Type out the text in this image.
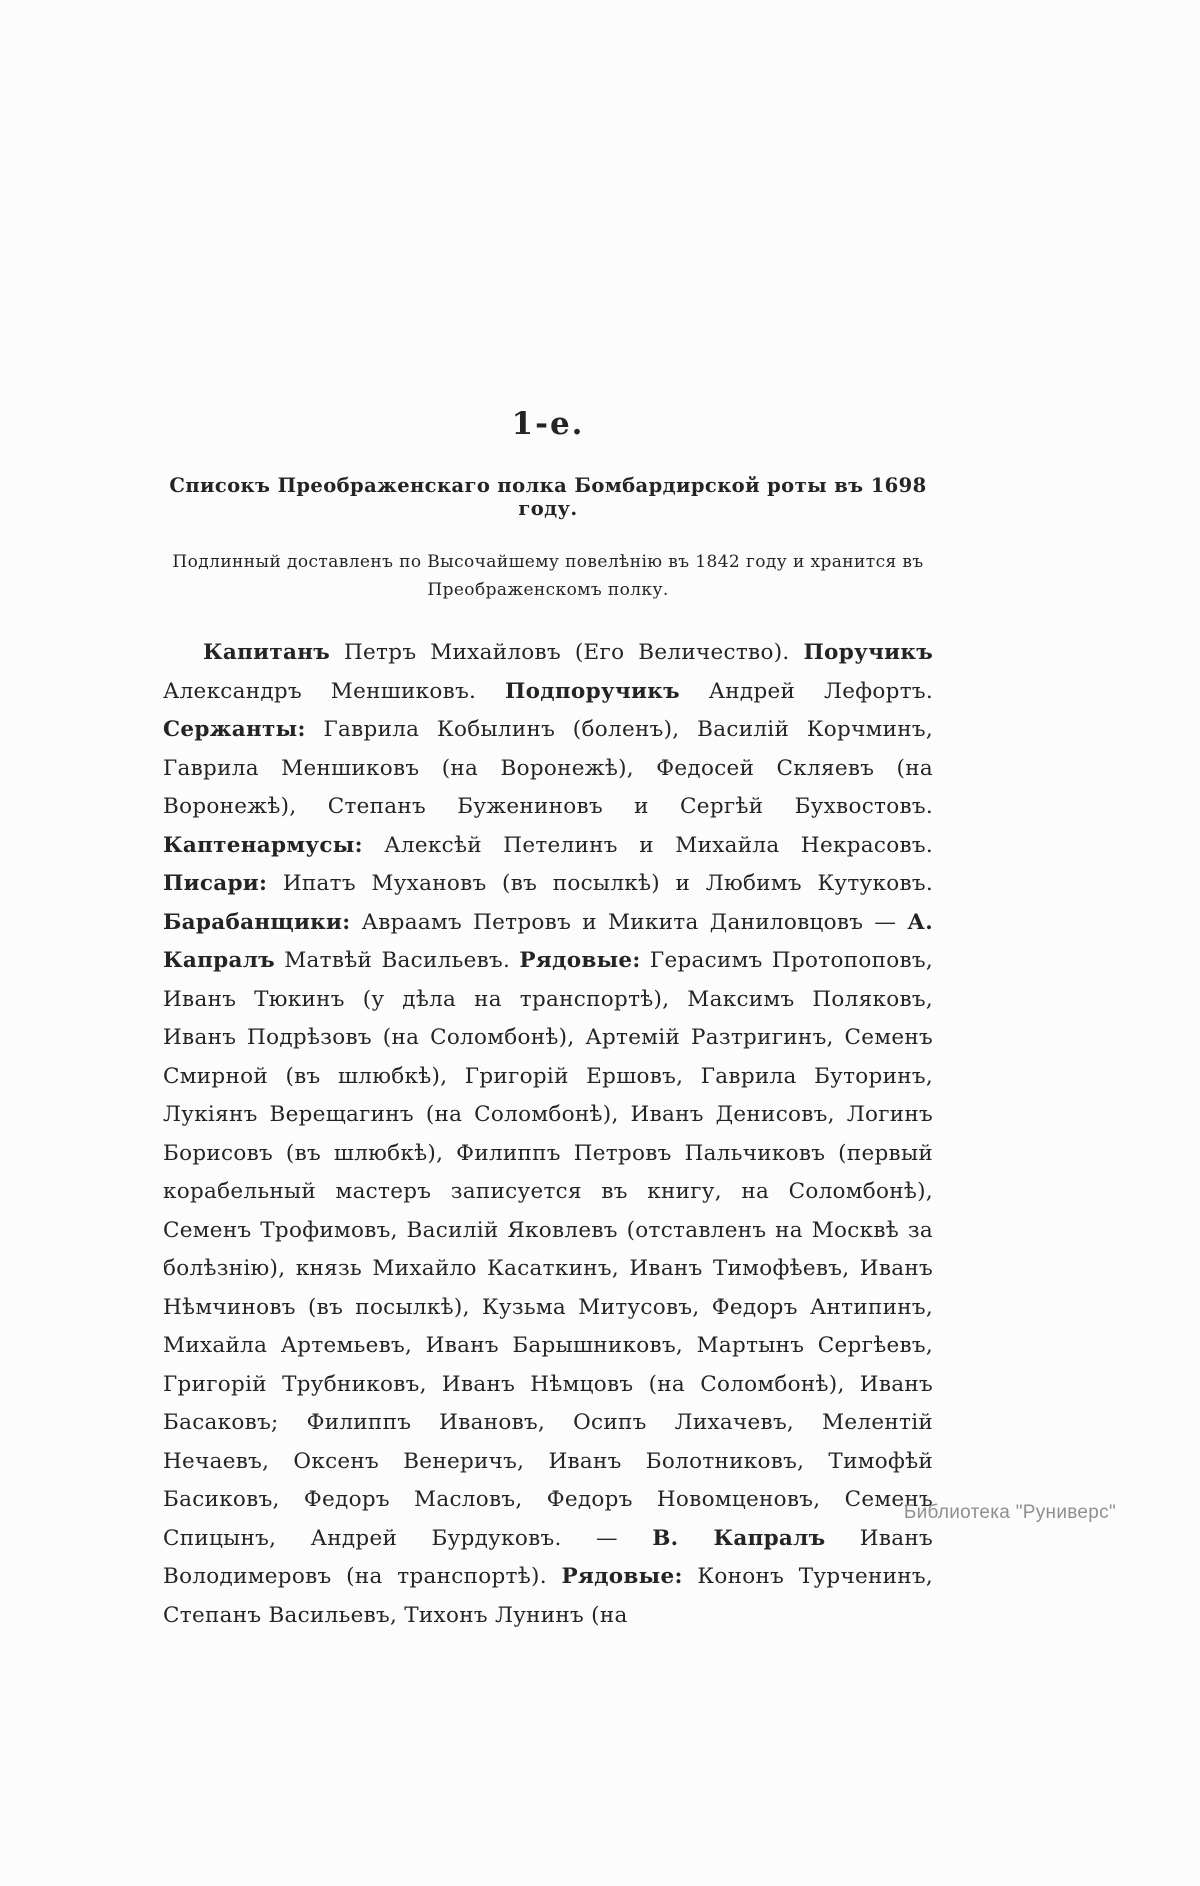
1-е.
Списокъ Преображенскаго полка Бомбардирской роты въ 1698 году.
Подлинный доставленъ по Высочайшему повелѣнію въ 1842 году и хранится въ Преображенскомъ полку.

Капитанъ Петръ Михайловъ (Его Величество). Поручикъ Александръ Меншиковъ. Подпоручикъ Андрей Лефортъ. Сержанты: Гаврила Кобылинъ (боленъ), Василій Корчминъ, Гаврила Меншиковъ (на Воронежѣ), Федосей Скляевъ (на Воронежѣ), Степанъ Бужениновъ и Сергѣй Бухвостовъ. Каптенармусы: Алексѣй Петелинъ и Михайла Некрасовъ. Писари: Ипатъ Мухановъ (въ посылкѣ) и Любимъ Кутуковъ. Барабанщики: Авраамъ Петровъ и Микита Даниловцовъ — А. Капралъ Матвѣй Васильевъ. Рядовые: Герасимъ Протопоповъ, Иванъ Тюкинъ (у дѣла на транспортѣ), Максимъ Поляковъ, Иванъ Подрѣзовъ (на Соломбонѣ), Артемій Разтригинъ, Семенъ Смирной (въ шлюбкѣ), Григорій Ершовъ, Гаврила Буторинъ, Лукіянъ Верещагинъ (на Соломбонѣ), Иванъ Денисовъ, Логинъ Борисовъ (въ шлюбкѣ), Филиппъ Петровъ Пальчиковъ (первый корабельный мастеръ записуется въ книгу, на Соломбонѣ), Семенъ Трофимовъ, Василій Яковлевъ (отставленъ на Москвѣ за болѣзнію), князь Михайло Касаткинъ, Иванъ Тимофѣевъ, Иванъ Нѣмчиновъ (въ посылкѣ), Кузьма Митусовъ, Федоръ Антипинъ, Михайла Артемьевъ, Иванъ Барышниковъ, Мартынъ Сергѣевъ, Григорій Трубниковъ, Иванъ Нѣмцовъ (на Соломбонѣ), Иванъ Басаковъ; Филиппъ Ивановъ, Осипъ Лихачевъ, Мелентій Нечаевъ, Оксенъ Венеричъ, Иванъ Болотниковъ, Тимофѣй Басиковъ, Федоръ Масловъ, Федоръ Новомценовъ, Семенъ Спицынъ, Андрей Бурдуковъ. — В. Капралъ Иванъ Володимеровъ (на транспортѣ). Рядовые: Кононъ Турченинъ, Степанъ Васильевъ, Тихонъ Лунинъ (на

Библиотека "Руниверс"
